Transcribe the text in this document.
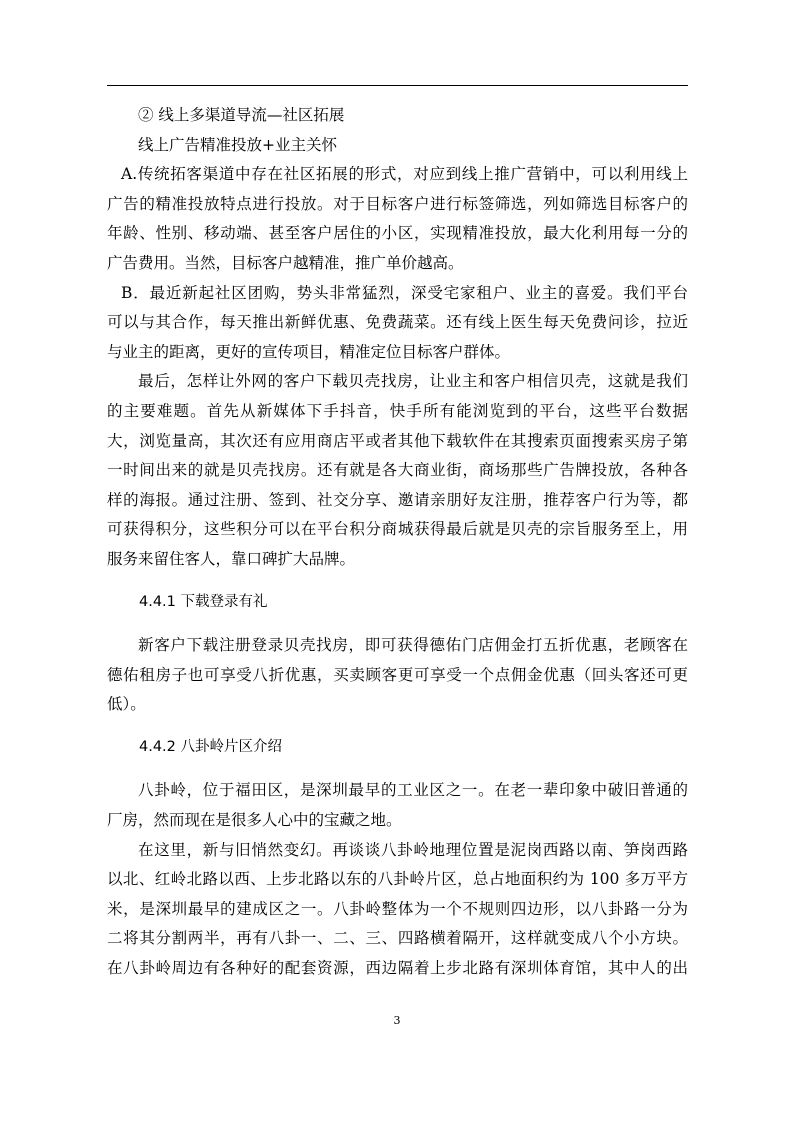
② 线上多渠道导流—社区拓展
线上广告精准投放+业主关怀
A.传统拓客渠道中存在社区拓展的形式，对应到线上推广营销中，可以利用线上
广告的精准投放特点进行投放。对于目标客户进行标签筛选，列如筛选目标客户的
年龄、性别、移动端、甚至客户居住的小区，实现精准投放，最大化利用每一分的
广告费用。当然，目标客户越精准，推广单价越高。
B．最近新起社区团购，势头非常猛烈，深受宅家租户、业主的喜爱。我们平台
可以与其合作，每天推出新鲜优惠、免费蔬菜。还有线上医生每天免费问诊，拉近
与业主的距离，更好的宣传项目，精准定位目标客户群体。
最后，怎样让外网的客户下载贝壳找房，让业主和客户相信贝壳，这就是我们
的主要难题。首先从新媒体下手抖音，快手所有能浏览到的平台，这些平台数据
大，浏览量高，其次还有应用商店平或者其他下载软件在其搜索页面搜索买房子第
一时间出来的就是贝壳找房。还有就是各大商业街，商场那些广告牌投放，各种各
样的海报。通过注册、签到、社交分享、邀请亲朋好友注册，推荐客户行为等，都
可获得积分，这些积分可以在平台积分商城获得最后就是贝壳的宗旨服务至上，用
服务来留住客人，靠口碑扩大品牌。
4.4.1 下载登录有礼
新客户下载注册登录贝壳找房，即可获得德佑门店佣金打五折优惠，老顾客在
德佑租房子也可享受八折优惠，买卖顾客更可享受一个点佣金优惠（回头客还可更
低）。
4.4.2 八卦岭片区介绍
八卦岭，位于福田区，是深圳最早的工业区之一。在老一辈印象中破旧普通的
厂房，然而现在是很多人心中的宝藏之地。
在这里，新与旧悄然变幻。再谈谈八卦岭地理位置是泥岗西路以南、笋岗西路
以北、红岭北路以西、上步北路以东的八卦岭片区，总占地面积约为 100 多万平方
米，是深圳最早的建成区之一。八卦岭整体为一个不规则四边形，以八卦路一分为
二将其分割两半，再有八卦一、二、三、四路横着隔开，这样就变成八个小方块。
在八卦岭周边有各种好的配套资源，西边隔着上步北路有深圳体育馆，其中人的出
3
